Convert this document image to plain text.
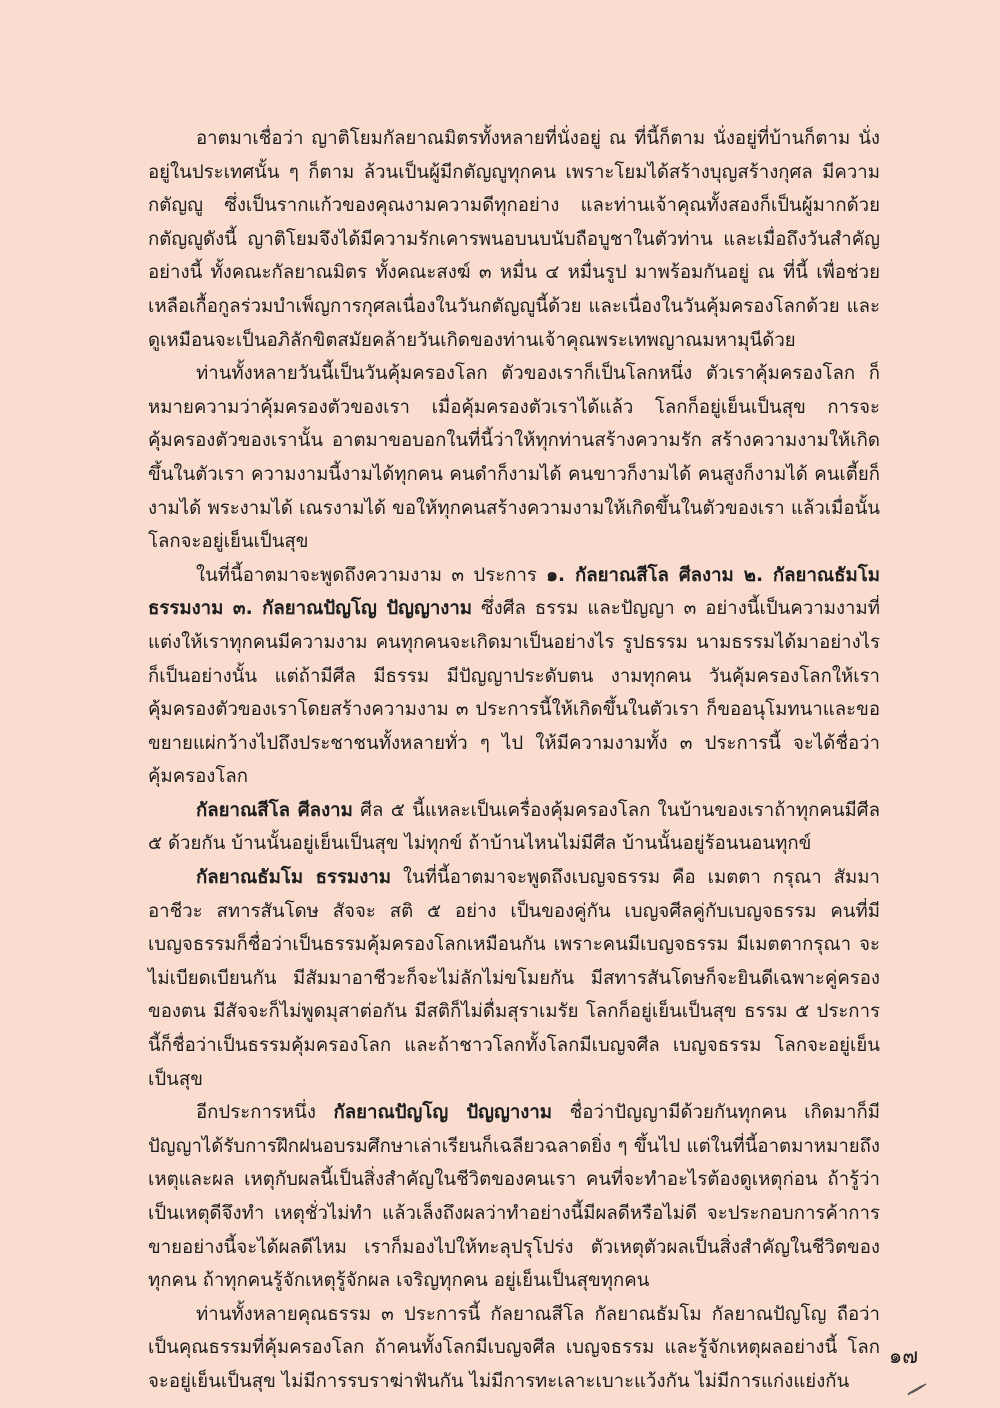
อาตมาเชื่อว่า ญาติโยมกัลยาณมิตรทั้งหลายที่นั่งอยู่ ณ ที่นี้ก็ตาม นั่งอยู่ที่บ้านก็ตาม นั่งอยู่ในประเทศนั้น ๆ ก็ตาม ล้วนเป็นผู้มีกตัญญูทุกคน เพราะโยมได้สร้างบุญสร้างกุศล มีความกตัญญู ซึ่งเป็นรากแก้วของคุณงามความดีทุกอย่าง และท่านเจ้าคุณทั้งสองก็เป็นผู้มากด้วยกตัญญูดังนี้ ญาติโยมจึงได้มีความรักเคารพนอบนบนับถือบูชาในตัวท่าน และเมื่อถึงวันสำคัญอย่างนี้ ทั้งคณะกัลยาณมิตร ทั้งคณะสงฆ์ ๓ หมื่น ๔ หมื่นรูป มาพร้อมกันอยู่ ณ ที่นี้ เพื่อช่วยเหลือเกื้อกูลร่วมบำเพ็ญการกุศลเนื่องในวันกตัญญูนี้ด้วย และเนื่องในวันคุ้มครองโลกด้วย และดูเหมือนจะเป็นอภิลักขิตสมัยคล้ายวันเกิดของท่านเจ้าคุณพระเทพญาณมหามุนีด้วย

ท่านทั้งหลายวันนี้เป็นวันคุ้มครองโลก ตัวของเราก็เป็นโลกหนึ่ง ตัวเราคุ้มครองโลก ก็หมายความว่าคุ้มครองตัวของเรา เมื่อคุ้มครองตัวเราได้แล้ว โลกก็อยู่เย็นเป็นสุข การจะคุ้มครองตัวของเรานั้น อาตมาขอบอกในที่นี้ว่าให้ทุกท่านสร้างความรัก สร้างความงามให้เกิดขึ้นในตัวเรา ความงามนี้งามได้ทุกคน คนดำก็งามได้ คนขาวก็งามได้ คนสูงก็งามได้ คนเตี้ยก็งามได้ พระงามได้ เณรงามได้ ขอให้ทุกคนสร้างความงามให้เกิดขึ้นในตัวของเรา แล้วเมื่อนั้นโลกจะอยู่เย็นเป็นสุข

ในที่นี้อาตมาจะพูดถึงความงาม ๓ ประการ ๑. กัลยาณสีโล ศีลงาม ๒. กัลยาณธัมโม ธรรมงาม ๓. กัลยาณปัญโญ ปัญญางาม ซึ่งศีล ธรรม และปัญญา ๓ อย่างนี้เป็นความงามที่แต่งให้เราทุกคนมีความงาม คนทุกคนจะเกิดมาเป็นอย่างไร รูปธรรม นามธรรมได้มาอย่างไร ก็เป็นอย่างนั้น แต่ถ้ามีศีล มีธรรม มีปัญญาประดับตน งามทุกคน วันคุ้มครองโลกให้เราคุ้มครองตัวของเราโดยสร้างความงาม ๓ ประการนี้ให้เกิดขึ้นในตัวเรา ก็ขออนุโมทนาและขอขยายแผ่กว้างไปถึงประชาชนทั้งหลายทั่ว ๆ ไป ให้มีความงามทั้ง ๓ ประการนี้ จะได้ชื่อว่าคุ้มครองโลก

กัลยาณสีโล ศีลงาม ศีล ๕ นี้แหละเป็นเครื่องคุ้มครองโลก ในบ้านของเราถ้าทุกคนมีศีล ๕ ด้วยกัน บ้านนั้นอยู่เย็นเป็นสุข ไม่ทุกข์ ถ้าบ้านไหนไม่มีศีล บ้านนั้นอยู่ร้อนนอนทุกข์

กัลยาณธัมโม ธรรมงาม ในที่นี้อาตมาจะพูดถึงเบญจธรรม คือ เมตตา กรุณา สัมมาอาชีวะ สทารสันโดษ สัจจะ สติ ๕ อย่าง เป็นของคู่กัน เบญจศีลคู่กับเบญจธรรม คนที่มีเบญจธรรมก็ชื่อว่าเป็นธรรมคุ้มครองโลกเหมือนกัน เพราะคนมีเบญจธรรม มีเมตตากรุณา จะไม่เบียดเบียนกัน มีสัมมาอาชีวะก็จะไม่ลักไม่ขโมยกัน มีสทารสันโดษก็จะยินดีเฉพาะคู่ครองของตน มีสัจจะก็ไม่พูดมุสาต่อกัน มีสติก็ไม่ดื่มสุราเมรัย โลกก็อยู่เย็นเป็นสุข ธรรม ๕ ประการนี้ก็ชื่อว่าเป็นธรรมคุ้มครองโลก และถ้าชาวโลกทั้งโลกมีเบญจศีล เบญจธรรม โลกจะอยู่เย็นเป็นสุข

อีกประการหนึ่ง กัลยาณปัญโญ ปัญญางาม ชื่อว่าปัญญามีด้วยกันทุกคน เกิดมาก็มีปัญญาได้รับการฝึกฝนอบรมศึกษาเล่าเรียนก็เฉลียวฉลาดยิ่ง ๆ ขึ้นไป แต่ในที่นี้อาตมาหมายถึงเหตุและผล เหตุกับผลนี้เป็นสิ่งสำคัญในชีวิตของคนเรา คนที่จะทำอะไรต้องดูเหตุก่อน ถ้ารู้ว่าเป็นเหตุดีจึงทำ เหตุชั่วไม่ทำ แล้วเล็งถึงผลว่าทำอย่างนี้มีผลดีหรือไม่ดี จะประกอบการค้าการขายอย่างนี้จะได้ผลดีไหม เราก็มองไปให้ทะลุปรุโปร่ง ตัวเหตุตัวผลเป็นสิ่งสำคัญในชีวิตของทุกคน ถ้าทุกคนรู้จักเหตุรู้จักผล เจริญทุกคน อยู่เย็นเป็นสุขทุกคน

ท่านทั้งหลายคุณธรรม ๓ ประการนี้ กัลยาณสีโล กัลยาณธัมโม กัลยาณปัญโญ ถือว่าเป็นคุณธรรมที่คุ้มครองโลก ถ้าคนทั้งโลกมีเบญจศีล เบญจธรรม และรู้จักเหตุผลอย่างนี้ โลกจะอยู่เย็นเป็นสุข ไม่มีการรบราฆ่าฟันกัน ไม่มีการทะเลาะเบาะแว้งกัน ไม่มีการแก่งแย่งกัน

๑๗
